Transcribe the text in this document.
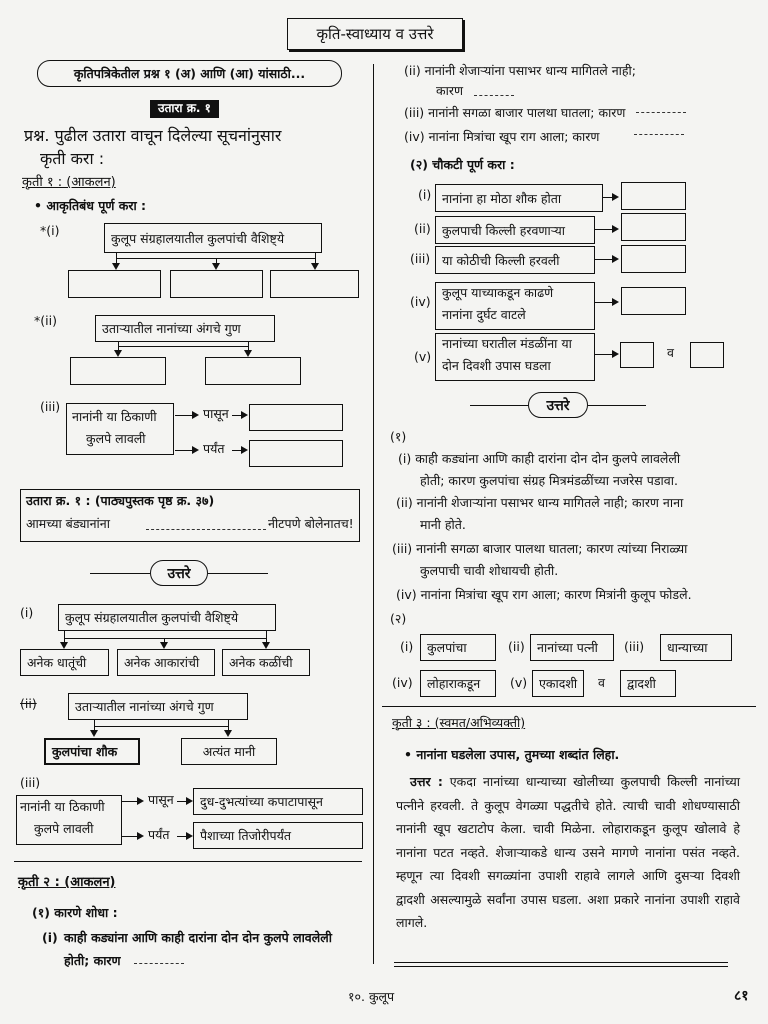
कृति-स्वाध्याय व उत्तरे
कृतिपत्रिकेतील प्रश्न १ (अ) आणि (आ) यांसाठी...
उतारा क्र. १
प्रश्न. पुढील उतारा वाचून दिलेल्या सूचनांनुसार
कृती करा :
कृती १ : (आकलन)
• आकृतिबंध पूर्ण करा :
*(i)	कुलूप संग्रहालयातील कुलपांची वैशिष्ट्ये
*(ii)
उताऱ्यातील नानांच्या अंगचे गुण
(iii)
नानांनी या ठिकाणी
कुलपे लावली
पासून
पर्यंत
उतारा क्र. १ : (पाठ्यपुस्तक पृष्ठ क्र. ३७)
आमच्या बंड्यानांना	नीटपणे बोलेनातच!
उत्तरे
(i)	कुलूप संग्रहालयातील कुलपांची वैशिष्ट्ये
अनेक धातूंची	अनेक आकारांची	अनेक कळींची
(ii)	उताऱ्यातील नानांच्या अंगचे गुण
कुलपांचा शौक	अत्यंत मानी
(iii)
नानांनी या ठिकाणी
कुलपे लावली
पासून	दुध-दुभत्यांच्या कपाटापासून
पर्यंत	पैशाच्या तिजोरीपर्यंत
कृती २ : (आकलन)
(१) कारणे शोधा :
(i) काही कड्यांना आणि काही दारांना दोन दोन कुलपे लावलेली
होती; कारण
(ii) नानांनी शेजाऱ्यांना पसाभर धान्य मागितले नाही;
कारण
(iii) नानांनी सगळा बाजार पालथा घातला; कारण
(iv) नानांना मित्रांचा खूप राग आला; कारण
(२) चौकटी पूर्ण करा :
(i) नानांना हा मोठा शौक होता
(ii) कुलपाची किल्ली हरवणाऱ्या
(iii) या कोठीची किल्ली हरवली
(iv)
कुलूप याच्याकडून काढणे
नानांना दुर्घट वाटले
(v)
नानांच्या घरातील मंडळींना या
दोन दिवशी उपास घडला
व
उत्तरे
(१)
(i) काही कड्यांना आणि काही दारांना दोन दोन कुलपे लावलेली
होती; कारण कुलपांचा संग्रह मित्रमंडळींच्या नजरेस पडावा.
(ii) नानांनी शेजाऱ्यांना पसाभर धान्य मागितले नाही; कारण नाना
मानी होते.
(iii) नानांनी सगळा बाजार पालथा घातला; कारण त्यांच्या निराळ्या
कुलपाची चावी शोधायची होती.
(iv) नानांना मित्रांचा खूप राग आला; कारण मित्रांनी कुलूप फोडले.
(२)
(i)	कुलपांचा	(ii) नानांच्या पत्नी	(iii)	धान्याच्या
(iv)	लोहाराकडून	(v) एकादशी	व	द्वादशी
कृती ३ : (स्वमत/अभिव्यक्ती)
• नानांना घडलेला उपास, तुमच्या शब्दांत लिहा.
उत्तर : एकदा नानांच्या धान्याच्या खोलीच्या कुलपाची किल्ली नानांच्या पत्नीने हरवली. ते कुलूप वेगळ्या पद्धतीचे होते. त्याची चावी शोधण्यासाठी नानांनी खूप खटाटोप केला. चावी मिळेना. लोहाराकडून कुलूप खोलावे हे नानांना पटत नव्हते. शेजाऱ्याकडे धान्य उसने मागणे नानांना पसंत नव्हते. म्हणून त्या दिवशी सगळ्यांना उपाशी राहावे लागले आणि दुसऱ्या दिवशी द्वादशी असल्यामुळे सर्वांना उपास घडला. अशा प्रकारे नानांना उपाशी राहावे लागले.
१०. कुलूप	८१
